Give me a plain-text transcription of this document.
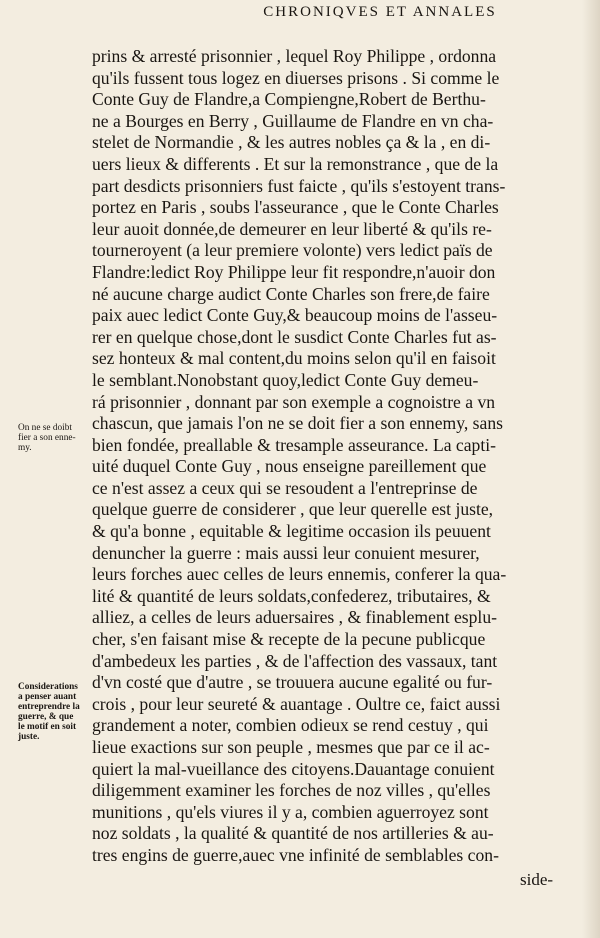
CHRONIQVES ET ANNALES
prins & arresté prisonnier , lequel Roy Philippe , ordonna
qu'ils fussent tous logez en diuerses prisons . Si comme le
Conte Guy de Flandre,a Compiengne,Robert de Berthu-
ne a Bourges en Berry , Guillaume de Flandre en vn cha-
stelet de Normandie , & les autres nobles ça & la , en di-
uers lieux & differents . Et sur la remonstrance , que de la
part desdicts prisonniers fust faicte , qu'ils s'estoyent trans-
portez en Paris , soubs l'asseurance , que le Conte Charles
leur auoit donnée,de demeurer en leur liberté & qu'ils re-
tourneroyent (a leur premiere volonte) vers ledict païs de
Flandre:ledict Roy Philippe leur fit respondre,n'auoir don
né aucune charge audict Conte Charles son frere,de faire
paix auec ledict Conte Guy,& beaucoup moins de l'asseu-
rer en quelque chose,dont le susdict Conte Charles fut as-
sez honteux & mal content,du moins selon qu'il en faisoit
le semblant.Nonobstant quoy,ledict Conte Guy demeu-
rá prisonnier , donnant par son exemple a cognoistre a vn
chascun, que jamais l'on ne se doit fier a son ennemy, sans
bien fondée, preallable & tresample asseurance. La capti-
uité duquel Conte Guy , nous enseigne pareillement que
ce n'est assez a ceux qui se resoudent a l'entreprinse de
quelque guerre de considerer , que leur querelle est juste,
& qu'a bonne , equitable & legitime occasion ils peuuent
denuncher la guerre : mais aussi leur conuient mesurer,
leurs forches auec celles de leurs ennemis, conferer la qua-
lité & quantité de leurs soldats,confederez, tributaires, &
alliez, a celles de leurs aduersaires , & finablement esplu-
cher, s'en faisant mise & recepte de la pecune publicque
d'ambedeux les parties , & de l'affection des vassaux, tant
d'vn costé que d'autre , se trouuera aucune egalité ou fur-
crois , pour leur seureté & auantage . Oultre ce, faict aussi
grandement a noter, combien odieux se rend cestuy , qui
lieue exactions sur son peuple , mesmes que par ce il ac-
quiert la mal-vueillance des citoyens.Dauantage conuient
diligemment examiner les forches de noz villes , qu'elles
munitions , qu'els viures il y a, combien aguerroyez sont
noz soldats , la qualité & quantité de nos artilleries & au-
tres engins de guerre,auec vne infinité de semblables con-
On ne se doibt
fier a son enne-
my.
Considerations
a penser auant
entreprendre la
guerre, & que
le motif en soit
juste.
side-
